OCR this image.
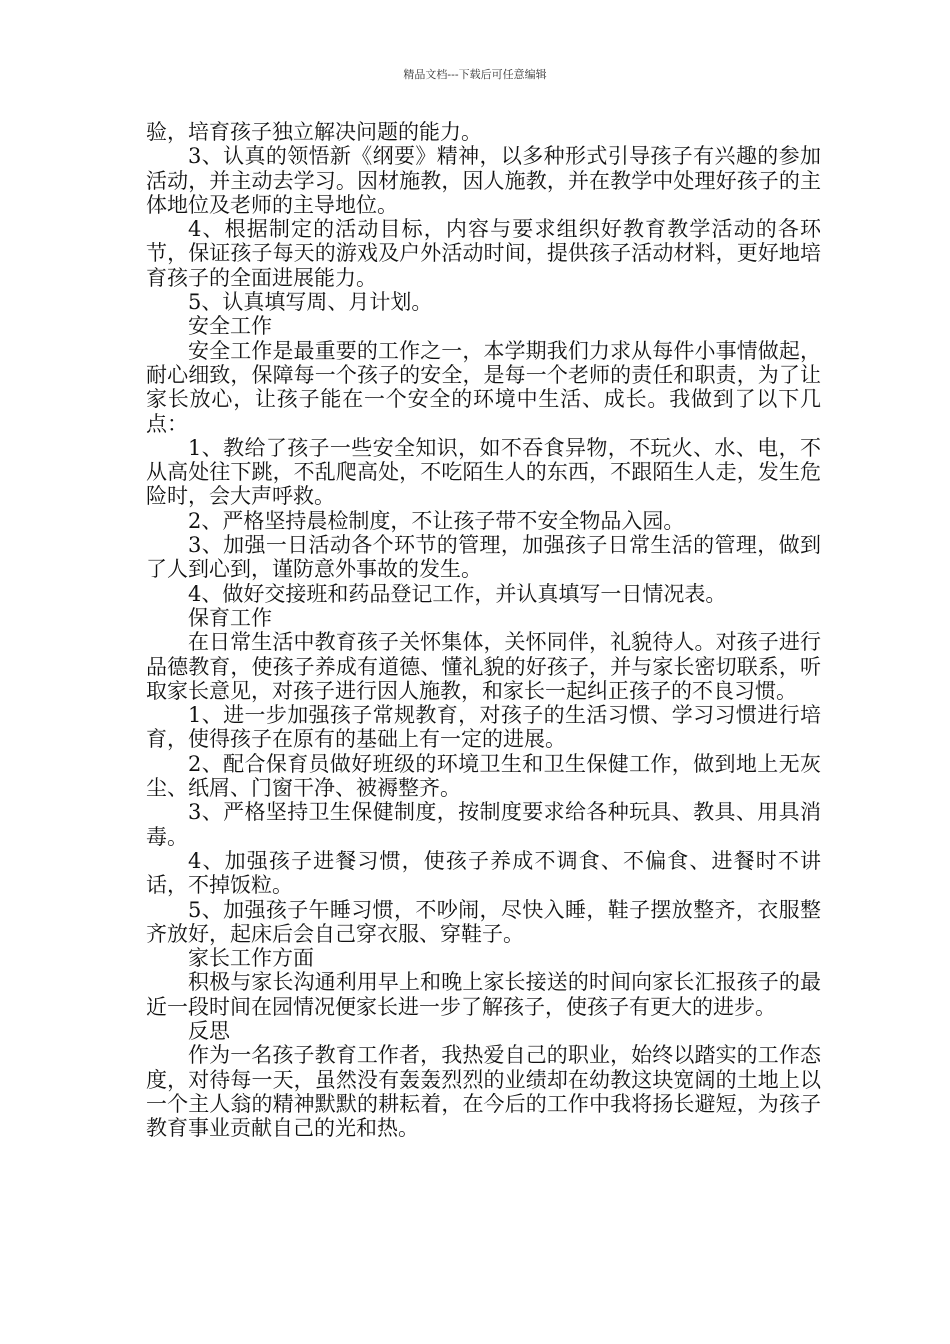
精品文档---下载后可任意编辑

验，培育孩子独立解决问题的能力。

3、认真的领悟新《纲要》精神，以多种形式引导孩子有兴趣的参加活动，并主动去学习。因材施教，因人施教，并在教学中处理好孩子的主体地位及老师的主导地位。

4、根据制定的活动目标，内容与要求组织好教育教学活动的各环节，保证孩子每天的游戏及户外活动时间，提供孩子活动材料，更好地培育孩子的全面进展能力。

5、认真填写周、月计划。

安全工作

安全工作是最重要的工作之一，本学期我们力求从每件小事情做起，耐心细致，保障每一个孩子的安全，是每一个老师的责任和职责，为了让家长放心，让孩子能在一个安全的环境中生活、成长。我做到了以下几点：

1、教给了孩子一些安全知识，如不吞食异物，不玩火、水、电，不从高处往下跳，不乱爬高处，不吃陌生人的东西，不跟陌生人走，发生危险时，会大声呼救。

2、严格坚持晨检制度，不让孩子带不安全物品入园。

3、加强一日活动各个环节的管理，加强孩子日常生活的管理，做到了人到心到，谨防意外事故的发生。

4、做好交接班和药品登记工作，并认真填写一日情况表。

保育工作

在日常生活中教育孩子关怀集体，关怀同伴，礼貌待人。对孩子进行品德教育，使孩子养成有道德、懂礼貌的好孩子，并与家长密切联系，听取家长意见，对孩子进行因人施教，和家长一起纠正孩子的不良习惯。

1、进一步加强孩子常规教育，对孩子的生活习惯、学习习惯进行培育，使得孩子在原有的基础上有一定的进展。

2、配合保育员做好班级的环境卫生和卫生保健工作，做到地上无灰尘、纸屑、门窗干净、被褥整齐。

3、严格坚持卫生保健制度，按制度要求给各种玩具、教具、用具消毒。

4、加强孩子进餐习惯，使孩子养成不调食、不偏食、进餐时不讲话，不掉饭粒。

5、加强孩子午睡习惯，不吵闹，尽快入睡，鞋子摆放整齐，衣服整齐放好，起床后会自己穿衣服、穿鞋子。

家长工作方面

积极与家长沟通利用早上和晚上家长接送的时间向家长汇报孩子的最近一段时间在园情况便家长进一步了解孩子，使孩子有更大的进步。

反思

作为一名孩子教育工作者，我热爱自己的职业，始终以踏实的工作态度，对待每一天，虽然没有轰轰烈烈的业绩却在幼教这块宽阔的土地上以一个主人翁的精神默默的耕耘着，在今后的工作中我将扬长避短，为孩子教育事业贡献自己的光和热。
